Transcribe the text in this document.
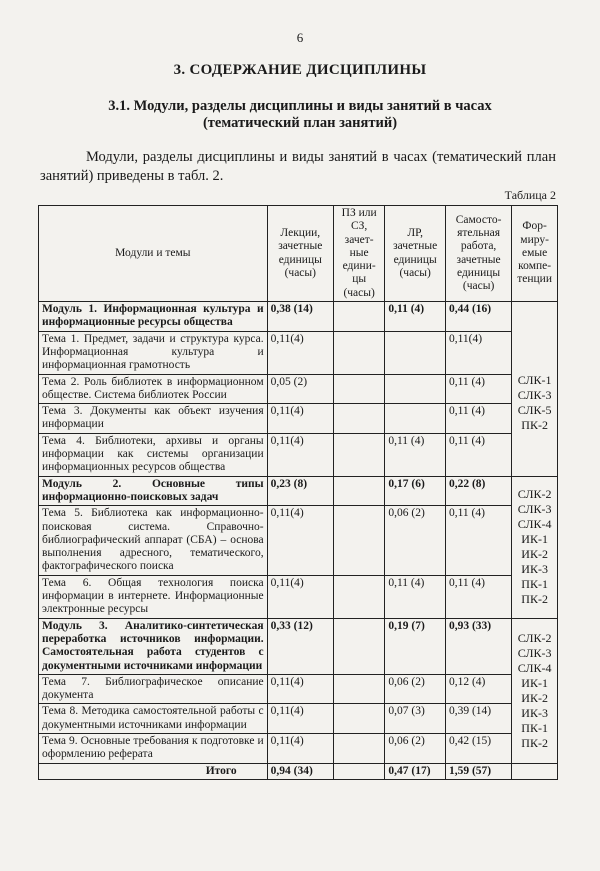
6
3. СОДЕРЖАНИЕ ДИСЦИПЛИНЫ
3.1. Модули, разделы дисциплины и виды занятий в часах
(тематический план занятий)
Модули, разделы дисциплины и виды занятий в часах (тематический план занятий) приведены в табл. 2.
Таблица 2
Модули и темы	Лекции, зачетные единицы (часы)	ПЗ или СЗ, зачет-ные едини-цы (часы)	ЛР, зачетные единицы (часы)	Самосто-ятельная работа, зачетные единицы (часы)	Фор-миру-емые компе-тенции
Модуль 1. Информационная культура и информационные ресурсы общества	0,38 (14)		0,11 (4)	0,44 (16)	
Тема 1. Предмет, задачи и структура курса. Информационная культура и информационная грамотность	0,11(4)			0,11(4)	СЛК-1 СЛК-3 СЛК-5 ПК-2
Тема 2. Роль библиотек в информационном обществе. Система библиотек России	0,05 (2)			0,11 (4)	
Тема 3. Документы как объект изучения информации	0,11(4)			0,11 (4)	
Тема 4. Библиотеки, архивы и органы информации как системы организации информационных ресурсов общества	0,11(4)		0,11 (4)	0,11 (4)	
Модуль 2. Основные типы информационно-поисковых задач	0,23 (8)		0,17 (6)	0,22 (8)	СЛК-2 СЛК-3 СЛК-4 ИК-1 ИК-2 ИК-3 ПК-1 ПК-2
Тема 5. Библиотека как информационно-поисковая система. Справочно-библиографический аппарат (СБА) – основа выполнения адресного, тематического, фактографического поиска	0,11(4)		0,06 (2)	0,11 (4)	
Тема 6. Общая технология поиска информации в интернете. Информационные электронные ресурсы	0,11(4)		0,11 (4)	0,11 (4)	
Модуль 3. Аналитико-синтетическая переработка источников информации. Самостоятельная работа студентов с документными источниками информации	0,33 (12)		0,19 (7)	0,93 (33)	СЛК-2 СЛК-3 СЛК-4 ИК-1 ИК-2 ИК-3 ПК-1 ПК-2
Тема 7. Библиографическое описание документа	0,11(4)		0,06 (2)	0,12 (4)	
Тема 8. Методика самостоятельной работы с документными источниками информации	0,11(4)		0,07 (3)	0,39 (14)	
Тема 9. Основные требования к подготовке и оформлению реферата	0,11(4)		0,06 (2)	0,42 (15)	
Итого	0,94 (34)		0,47 (17)	1,59 (57)	
